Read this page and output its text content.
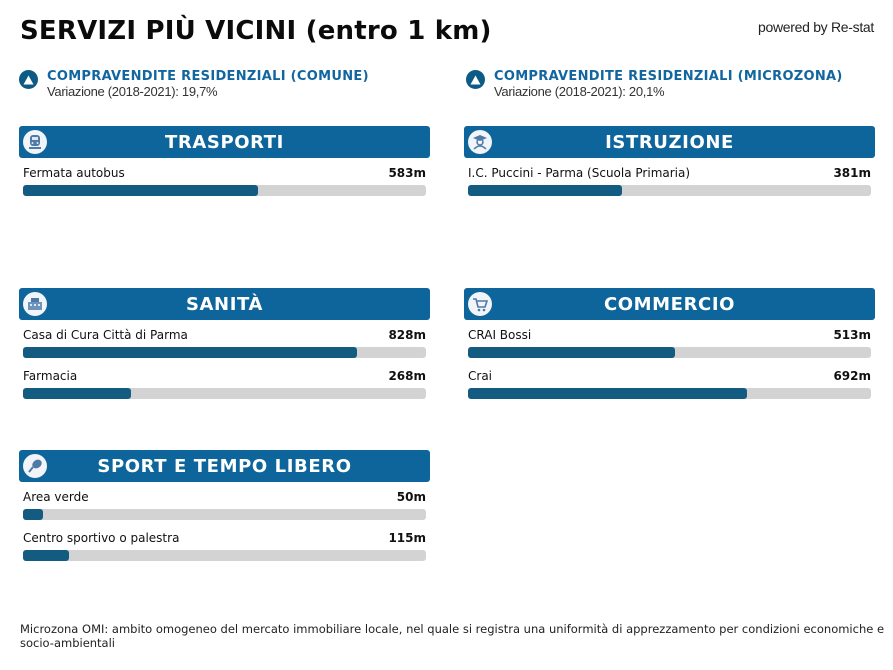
SERVIZI PIÙ VICINI (entro 1 km)	powered by Re-stat
COMPRAVENDITE RESIDENZIALI (COMUNE)
Variazione (2018-2021): 19,7%
COMPRAVENDITE RESIDENZIALI (MICROZONA)
Variazione (2018-2021): 20,1%
TRASPORTI
Fermata autobus	583m
ISTRUZIONE
I.C. Puccini - Parma (Scuola Primaria)	381m
SANITÀ
Casa di Cura Città di Parma	828m
Farmacia	268m
COMMERCIO
CRAI Bossi	513m
Crai	692m
SPORT E TEMPO LIBERO
Area verde	50m
Centro sportivo o palestra	115m
Microzona OMI: ambito omogeneo del mercato immobiliare locale, nel quale si registra una uniformità di apprezzamento per condizioni economiche e socio-ambientali
